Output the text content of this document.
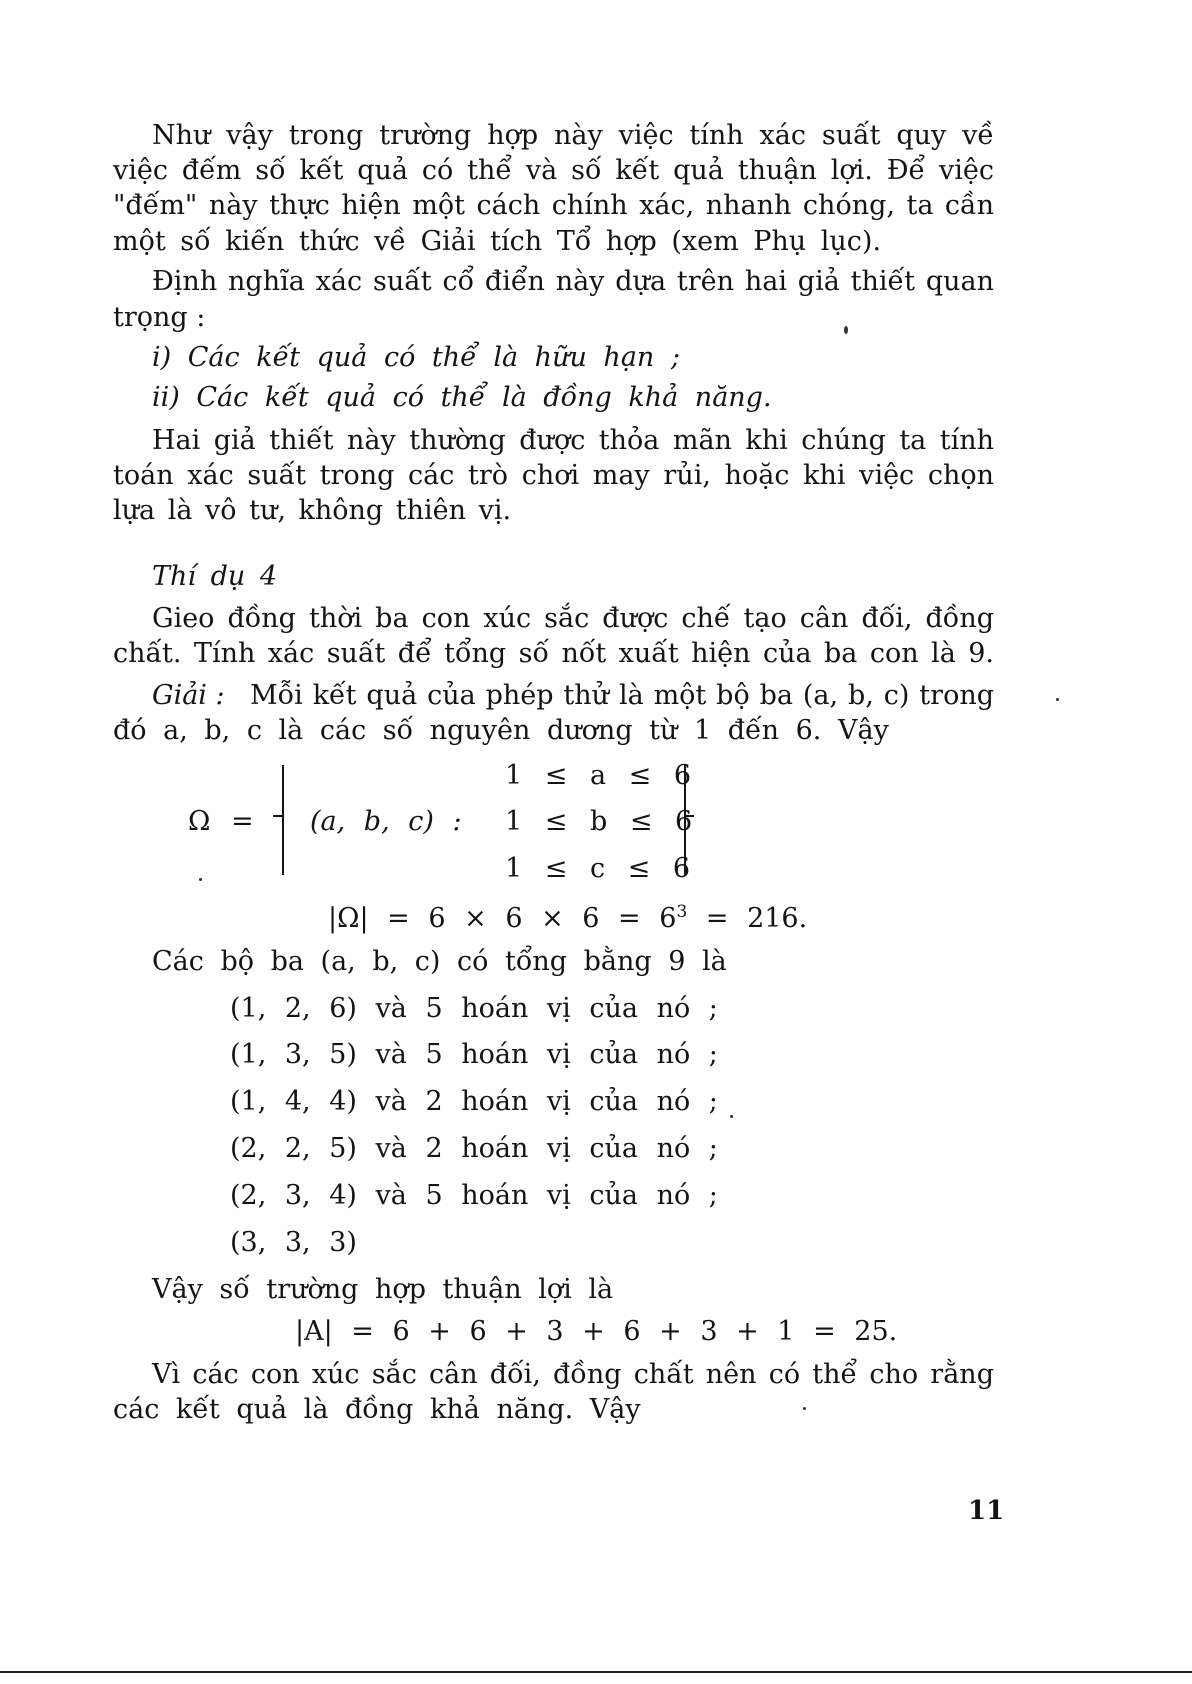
Như vậy trong trường hợp này việc tính xác suất quy về
việc đếm số kết quả có thể và số kết quả thuận lợi. Để việc
"đếm" này thực hiện một cách chính xác, nhanh chóng, ta cần
một số kiến thức về Giải tích Tổ hợp (xem Phụ lục).
Định nghĩa xác suất cổ điển này dựa trên hai giả thiết quan
trọng :
i) Các kết quả có thể là hữu hạn ;
ii) Các kết quả có thể là đồng khả năng.
Hai giả thiết này thường được thỏa mãn khi chúng ta tính
toán xác suất trong các trò chơi may rủi, hoặc khi việc chọn
lựa là vô tư, không thiên vị.
Thí dụ 4
Gieo đồng thời ba con xúc sắc được chế tạo cân đối, đồng
chất. Tính xác suất để tổng số nốt xuất hiện của ba con là 9.
Giải : Mỗi kết quả của phép thử là một bộ ba (a, b, c) trong
đó a, b, c là các số nguyên dương từ 1 đến 6. Vậy
Ω = (a, b, c) :
1 ≤ a ≤ 6
1 ≤ b ≤ 6
1 ≤ c ≤ 6
$|\Omega| = 6 \times 6 \times 6 = 6^3 = 216$.
Các bộ ba (a, b, c) có tổng bằng 9 là
(1, 2, 6) và 5 hoán vị của nó ;
(1, 3, 5) và 5 hoán vị của nó ;
(1, 4, 4) và 2 hoán vị của nó ;
(2, 2, 5) và 2 hoán vị của nó ;
(2, 3, 4) và 5 hoán vị của nó ;
(3, 3, 3)
Vậy số trường hợp thuận lợi là
|A| = 6 + 6 + 3 + 6 + 3 + 1 = 25.
Vì các con xúc sắc cân đối, đồng chất nên có thể cho rằng
các kết quả là đồng khả năng. Vậy
11
